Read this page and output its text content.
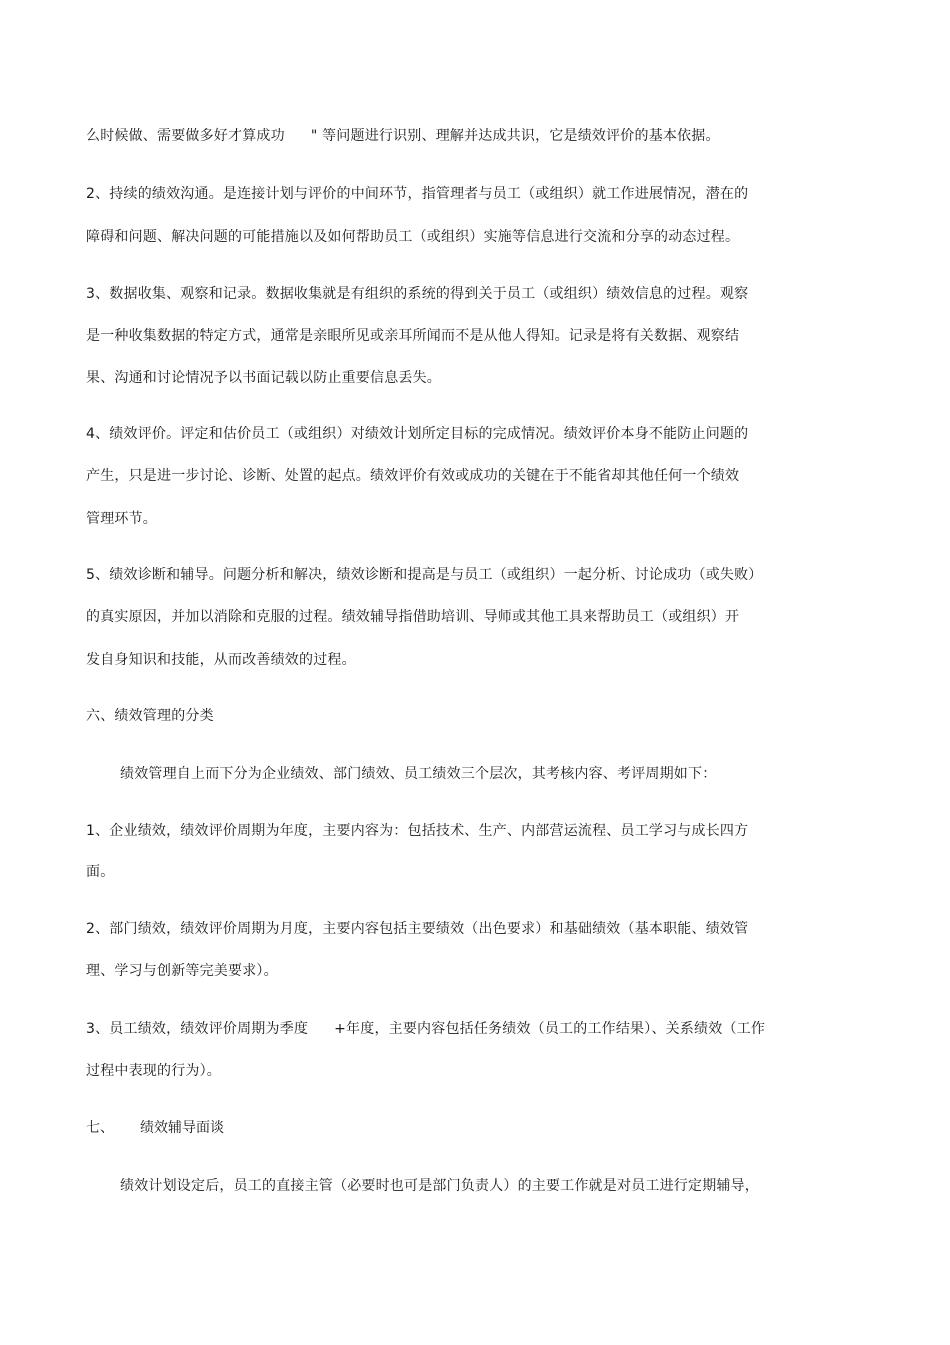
么时候做、需要做多好才算成功 " 等问题进行识别、理解并达成共识，它是绩效评价的基本依据。
2、持续的绩效沟通。是连接计划与评价的中间环节，指管理者与员工（或组织）就工作进展情况，潜在的
障碍和问题、解决问题的可能措施以及如何帮助员工（或组织）实施等信息进行交流和分享的动态过程。
3、数据收集、观察和记录。数据收集就是有组织的系统的得到关于员工（或组织）绩效信息的过程。观察
是一种收集数据的特定方式，通常是亲眼所见或亲耳所闻而不是从他人得知。记录是将有关数据、观察结
果、沟通和讨论情况予以书面记载以防止重要信息丢失。
4、绩效评价。评定和估价员工（或组织）对绩效计划所定目标的完成情况。绩效评价本身不能防止问题的
产生，只是进一步讨论、诊断、处置的起点。绩效评价有效或成功的关键在于不能省却其他任何一个绩效
管理环节。
5、绩效诊断和辅导。问题分析和解决，绩效诊断和提高是与员工（或组织）一起分析、讨论成功（或失败）
的真实原因，并加以消除和克服的过程。绩效辅导指借助培训、导师或其他工具来帮助员工（或组织）开
发自身知识和技能，从而改善绩效的过程。
六、绩效管理的分类
绩效管理自上而下分为企业绩效、部门绩效、员工绩效三个层次，其考核内容、考评周期如下：
1、企业绩效，绩效评价周期为年度，主要内容为：包括技术、生产、内部营运流程、员工学习与成长四方
面。
2、部门绩效，绩效评价周期为月度，主要内容包括主要绩效（出色要求）和基础绩效（基本职能、绩效管
理、学习与创新等完美要求）。
3、员工绩效，绩效评价周期为季度 +年度，主要内容包括任务绩效（员工的工作结果）、关系绩效（工作
过程中表现的行为）。
七、 绩效辅导面谈
绩效计划设定后，员工的直接主管（必要时也可是部门负责人）的主要工作就是对员工进行定期辅导，
